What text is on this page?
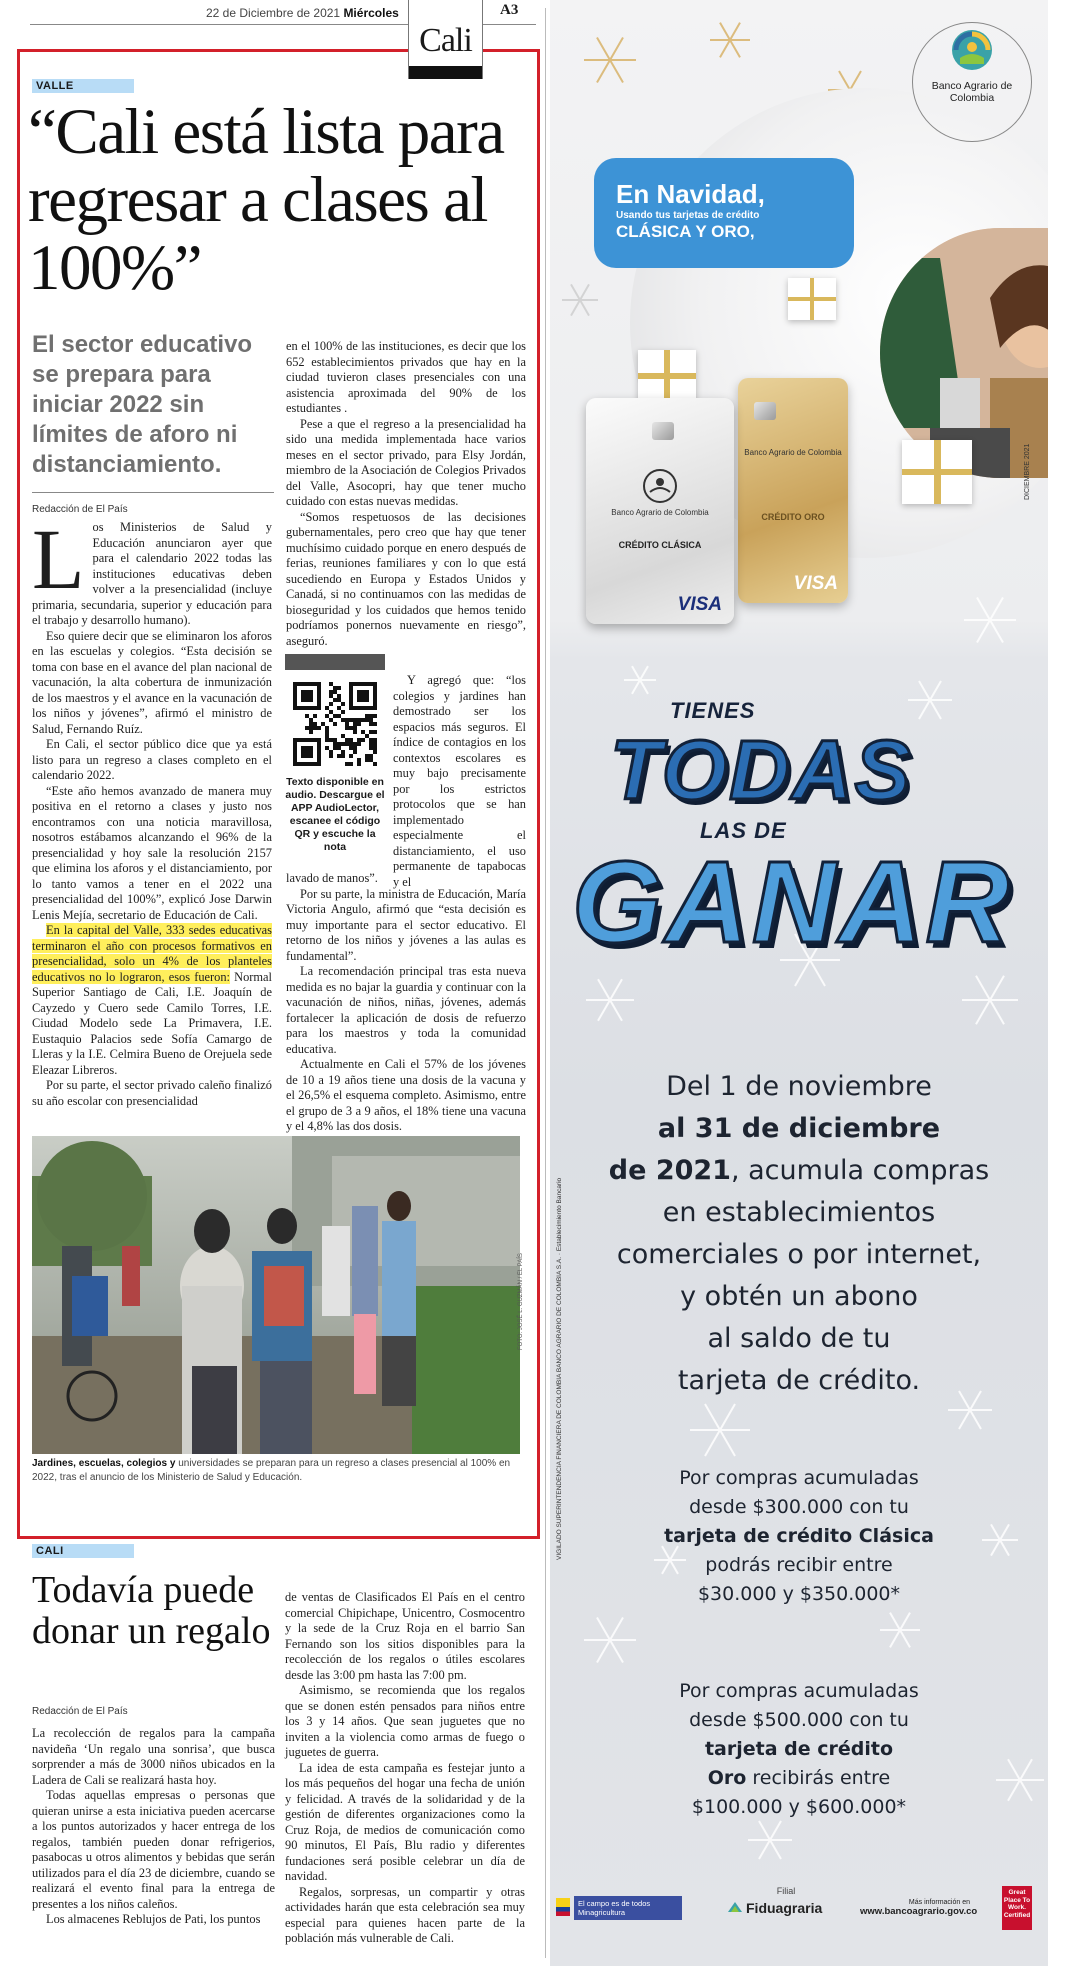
22 de Diciembre de 2021 Miércoles
Cali
A3
VALLE
“Cali está lista para regresar a clases al 100%”
El sector educativo se prepara para iniciar 2022 sin límites de aforo ni distanciamiento.
Redacción de El País

Los Ministerios de Salud y Educación anunciaron ayer que para el calendario 2022 todas las instituciones educativas deben volver a la presencialidad (incluye primaria, secundaria, superior y educación para el trabajo y desarrollo humano).

Eso quiere decir que se eliminaron los aforos en las escuelas y colegios. “Esta decisión se toma con base en el avance del plan nacional de vacunación, la alta cobertura de inmunización de los maestros y el avance en la vacunación de los niños y jóvenes”, afirmó el ministro de Salud, Fernando Ruíz.

En Cali, el sector público dice que ya está listo para un regreso a clases completo en el calendario 2022.

“Este año hemos avanzado de manera muy positiva en el retorno a clases y justo nos encontramos con una noticia maravillosa, nosotros estábamos alcanzando el 96% de la presencialidad y hoy sale la resolución 2157 que elimina los aforos y el distanciamiento, por lo tanto vamos a tener en el 2022 una presencialidad del 100%”, explicó Jose Darwin Lenis Mejía, secretario de Educación de Cali.

En la capital del Valle, 333 sedes educativas terminaron el año con procesos formativos en presencialidad, solo un 4% de los planteles educativos no lo lograron, esos fueron: Normal Superior Santiago de Cali, I.E. Joaquín de Cayzedo y Cuero sede Camilo Torres, I.E. Ciudad Modelo sede La Primavera, I.E. Eustaquio Palacios sede Sofía Camargo de Lleras y la I.E. Celmira Bueno de Orejuela sede Eleazar Libreros.

Por su parte, el sector privado caleño finalizó su año escolar con presencialidad

en el 100% de las instituciones, es decir que los 652 establecimientos privados que hay en la ciudad tuvieron clases presenciales con una asistencia aproximada del 90% de los estudiantes .

Pese a que el regreso a la presencialidad ha sido una medida implementada hace varios meses en el sector privado, para Elsy Jordán, miembro de la Asociación de Colegios Privados del Valle, Asocopri, hay que tener mucho cuidado con estas nuevas medidas.

“Somos respetuosos de las decisiones gubernamentales, pero creo que hay que tener muchísimo cuidado porque en enero después de ferias, reuniones familiares y con lo que está sucediendo en Europa y Estados Unidos y Canadá, si no continuamos con las medidas de bioseguridad y los cuidados que hemos tenido podríamos ponernos nuevamente en riesgo”, aseguró.

Texto disponible en audio. Descargue el APP AudioLector, escanee el código QR y escuche la nota

Y agregó que: “los colegios y jardines han demostrado ser los espacios más seguros. El índice de contagios en los contextos escolares es muy bajo precisamente por los estrictos protocolos que se han implementado especialmente el distanciamiento, el uso permanente de tapabocas y el

lavado de manos”.

Por su parte, la ministra de Educación, María Victoria Angulo, afirmó que “esta decisión es muy importante para el sector educativo. El retorno de los niños y jóvenes a las aulas es fundamental”.

La recomendación principal tras esta nueva medida es no bajar la guardia y continuar con la vacunación de niños, niñas, jóvenes, además fortalecer la aplicación de dosis de refuerzo para los maestros y toda la comunidad educativa.

Actualmente en Cali el 57% de los jóvenes de 10 a 19 años tiene una dosis de la vacuna y el 26,5% el esquema completo. Asimismo, entre el grupo de 3 a 9 años, el 18% tiene una vacuna y el 4,8% las dos dosis.

FOTO: JOSÉ L. GUZMÁN / EL PAÍS
Jardines, escuelas, colegios y universidades se preparan para un regreso a clases presencial al 100% en 2022, tras el anuncio de los Ministerio de Salud y Educación.
CALI
Todavía puede donar un regalo
Redacción de El País

La recolección de regalos para la campaña navideña ‘Un regalo una sonrisa’, que busca sorprender a más de 3000 niños ubicados en la Ladera de Cali se realizará hasta hoy.

Todas aquellas empresas o personas que quieran unirse a esta iniciativa pueden acercarse a los puntos autorizados y hacer entrega de los regalos, también pueden donar refrigerios, pasabocas u otros alimentos y bebidas que serán utilizados para el día 23 de diciembre, cuando se realizará el evento final para la entrega de presentes a los niños caleños.

Los almacenes Reblujos de Pati, los puntos

de ventas de Clasificados El País en el centro comercial Chipichape, Unicentro, Cosmocentro y la sede de la Cruz Roja en el barrio San Fernando son los sitios disponibles para la recolección de los regalos o útiles escolares desde las 3:00 pm hasta las 7:00 pm.

Asimismo, se recomienda que los regalos que se donen estén pensados para niños entre los 3 y 14 años. Que sean juguetes que no inviten a la violencia como armas de fuego o juguetes de guerra.

La idea de esta campaña es festejar junto a los más pequeños del hogar una fecha de unión y felicidad. A través de la solidaridad y de la gestión de diferentes organizaciones como la Cruz Roja, de medios de comunicación como 90 minutos, El País, Blu radio y diferentes fundaciones será posible celebrar un día de navidad.

Regalos, sorpresas, un compartir y otras actividades harán que esta celebración sea muy especial para quienes hacen parte de la población más vulnerable de Cali.

Banco Agrario de Colombia
En Navidad,
Usando tus tarjetas de crédito
CLÁSICA Y ORO,
Banco Agrario de Colombia
CRÉDITO ORO
VISA
Banco Agrario de Colombia
CRÉDITO CLÁSICA
VISA
DICIEMBRE 2021
TIENES
TODAS
LAS DE
GANAR
Del 1 de noviembre
al 31 de diciembre
de 2021, acumula compras
en establecimientos
comerciales o por internet,
y obtén un abono
al saldo de tu
tarjeta de crédito.
Por compras acumuladas
desde $300.000 con tu
tarjeta de crédito Clásica
podrás recibir entre
$30.000 y $350.000*
Por compras acumuladas
desde $500.000 con tu
tarjeta de crédito
Oro recibirás entre
$100.000 y $600.000*
VIGILADO SUPERINTENDENCIA FINANCIERA DE COLOMBIA BANCO AGRARIO DE COLOMBIA S.A. · Establecimiento Bancario
El campo es de todos Minagricultura
Filial
Fiduagraria	Más información en
www.bancoagrario.gov.co
Great Place To Work. Certified
